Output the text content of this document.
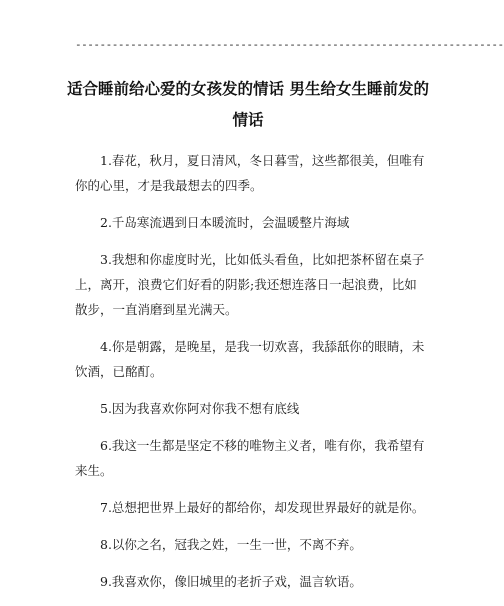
----------------------------------------------------------------------
适合睡前给心爱的女孩发的情话 男生给女生睡前发的情话

1.春花，秋月，夏日清风，冬日暮雪，这些都很美，但唯有你的心里，才是我最想去的四季。

2.千岛寒流遇到日本暖流时，会温暖整片海域

3.我想和你虚度时光，比如低头看鱼，比如把茶杯留在桌子上，离开，浪费它们好看的阴影;我还想连落日一起浪费，比如散步，一直消磨到星光满天。

4.你是朝露，是晚星，是我一切欢喜，我舔舐你的眼睛，未饮酒，已酩酊。

5.因为我喜欢你阿对你我不想有底线

6.我这一生都是坚定不移的唯物主义者，唯有你，我希望有来生。

7.总想把世界上最好的都给你，却发现世界最好的就是你。

8.以你之名，冠我之姓，一生一世，不离不弃。

9.我喜欢你，像旧城里的老折子戏，温言软语。
